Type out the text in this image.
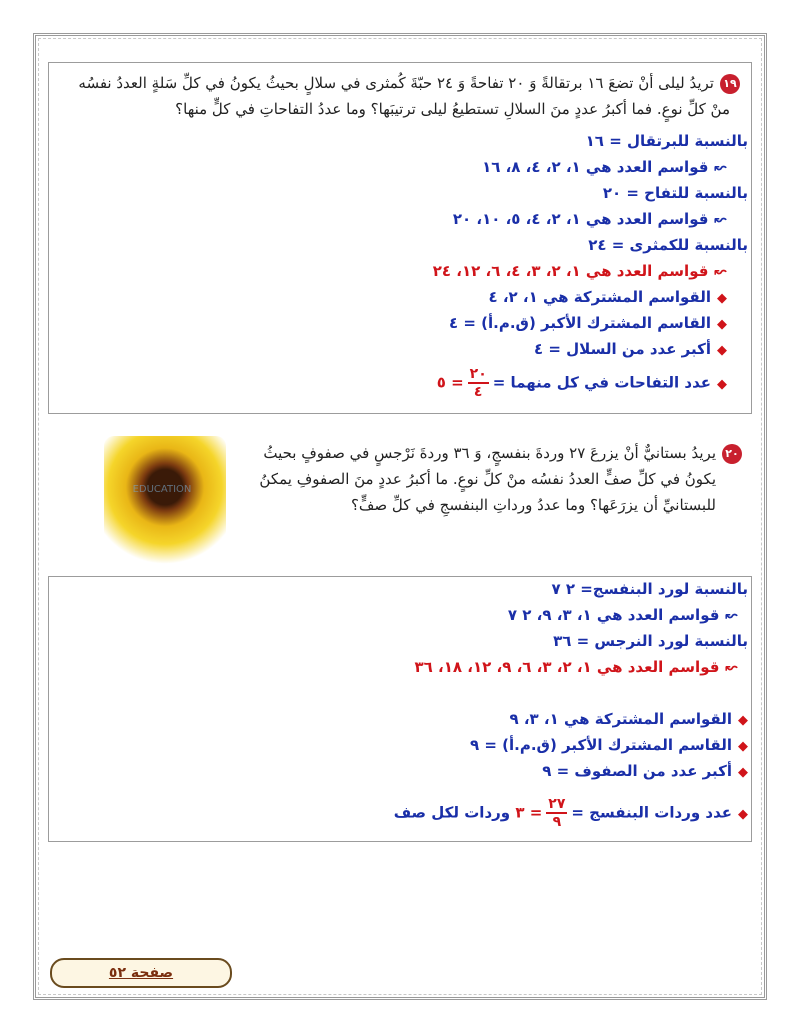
١٩تريدُ ليلى أنْ تضعَ ١٦ برتقالةً وَ ٢٠ تفاحةً وَ ٢٤ حبّةَ كُمثرى في سلالٍ بحيثُ يكونُ في كلِّ سَلةٍ العددُ نفسُه
منْ كلِّ نوعٍ. فما أكبرُ عددٍ منَ السلالِ تستطيعُ ليلى ترتيبَها؟ وما عددُ التفاحاتِ في كلٍّ منها؟
بالنسبة للبرتقال = ١٦
↜قواسم العدد هي ١، ٢، ٤، ٨، ١٦
بالنسبة للتفاح = ٢٠
↜قواسم العدد هي ١، ٢، ٤، ٥، ١٠، ٢٠
بالنسبة للكمثرى = ٢٤
↜قواسم العدد هي ١، ٢، ٣، ٤، ٦، ١٢، ٢٤
◆القواسم المشتركة هي ١، ٢، ٤
◆القاسم المشترك الأكبر (ق.م.أ) = ٤
◆أكبر عدد من السلال = ٤
◆عدد التفاحات في كل منهما =
$\frac{٢٠}{٤}$
= ٥
٢٠يريدُ بستانيٌّ أنْ يزرعَ ٢٧ وردةَ بنفسجٍ، وَ ٣٦ وردةَ نَرْجسٍ في صفوفٍ بحيثُ
يكونُ في كلِّ صفٍّ العددُ نفسُه منْ كلِّ نوعٍ. ما أكبرُ عددٍ منَ الصفوفِ يمكنُ
للبستانيِّ أن يزرَعَها؟ وما عددُ ورداتِ البنفسجِ في كلِّ صفٍّ؟
EDUCATION
بالنسبة لورد البنفسج= ٢ ٧
↜قواسم العدد هي ١، ٣، ٩، ٢ ٧
بالنسبة لورد النرجس = ٣٦
↜قواسم العدد هي ١، ٢، ٣، ٦، ٩، ١٢، ١٨، ٣٦
◆القواسم المشتركة هي ١، ٣، ٩
◆القاسم المشترك الأكبر (ق.م.أ) = ٩
◆أكبر عدد من الصفوف = ٩
◆عدد وردات البنفسج =
$\frac{٢٧}{٩}$
= ٣ وردات لكل صف
صفحة ٥٢
